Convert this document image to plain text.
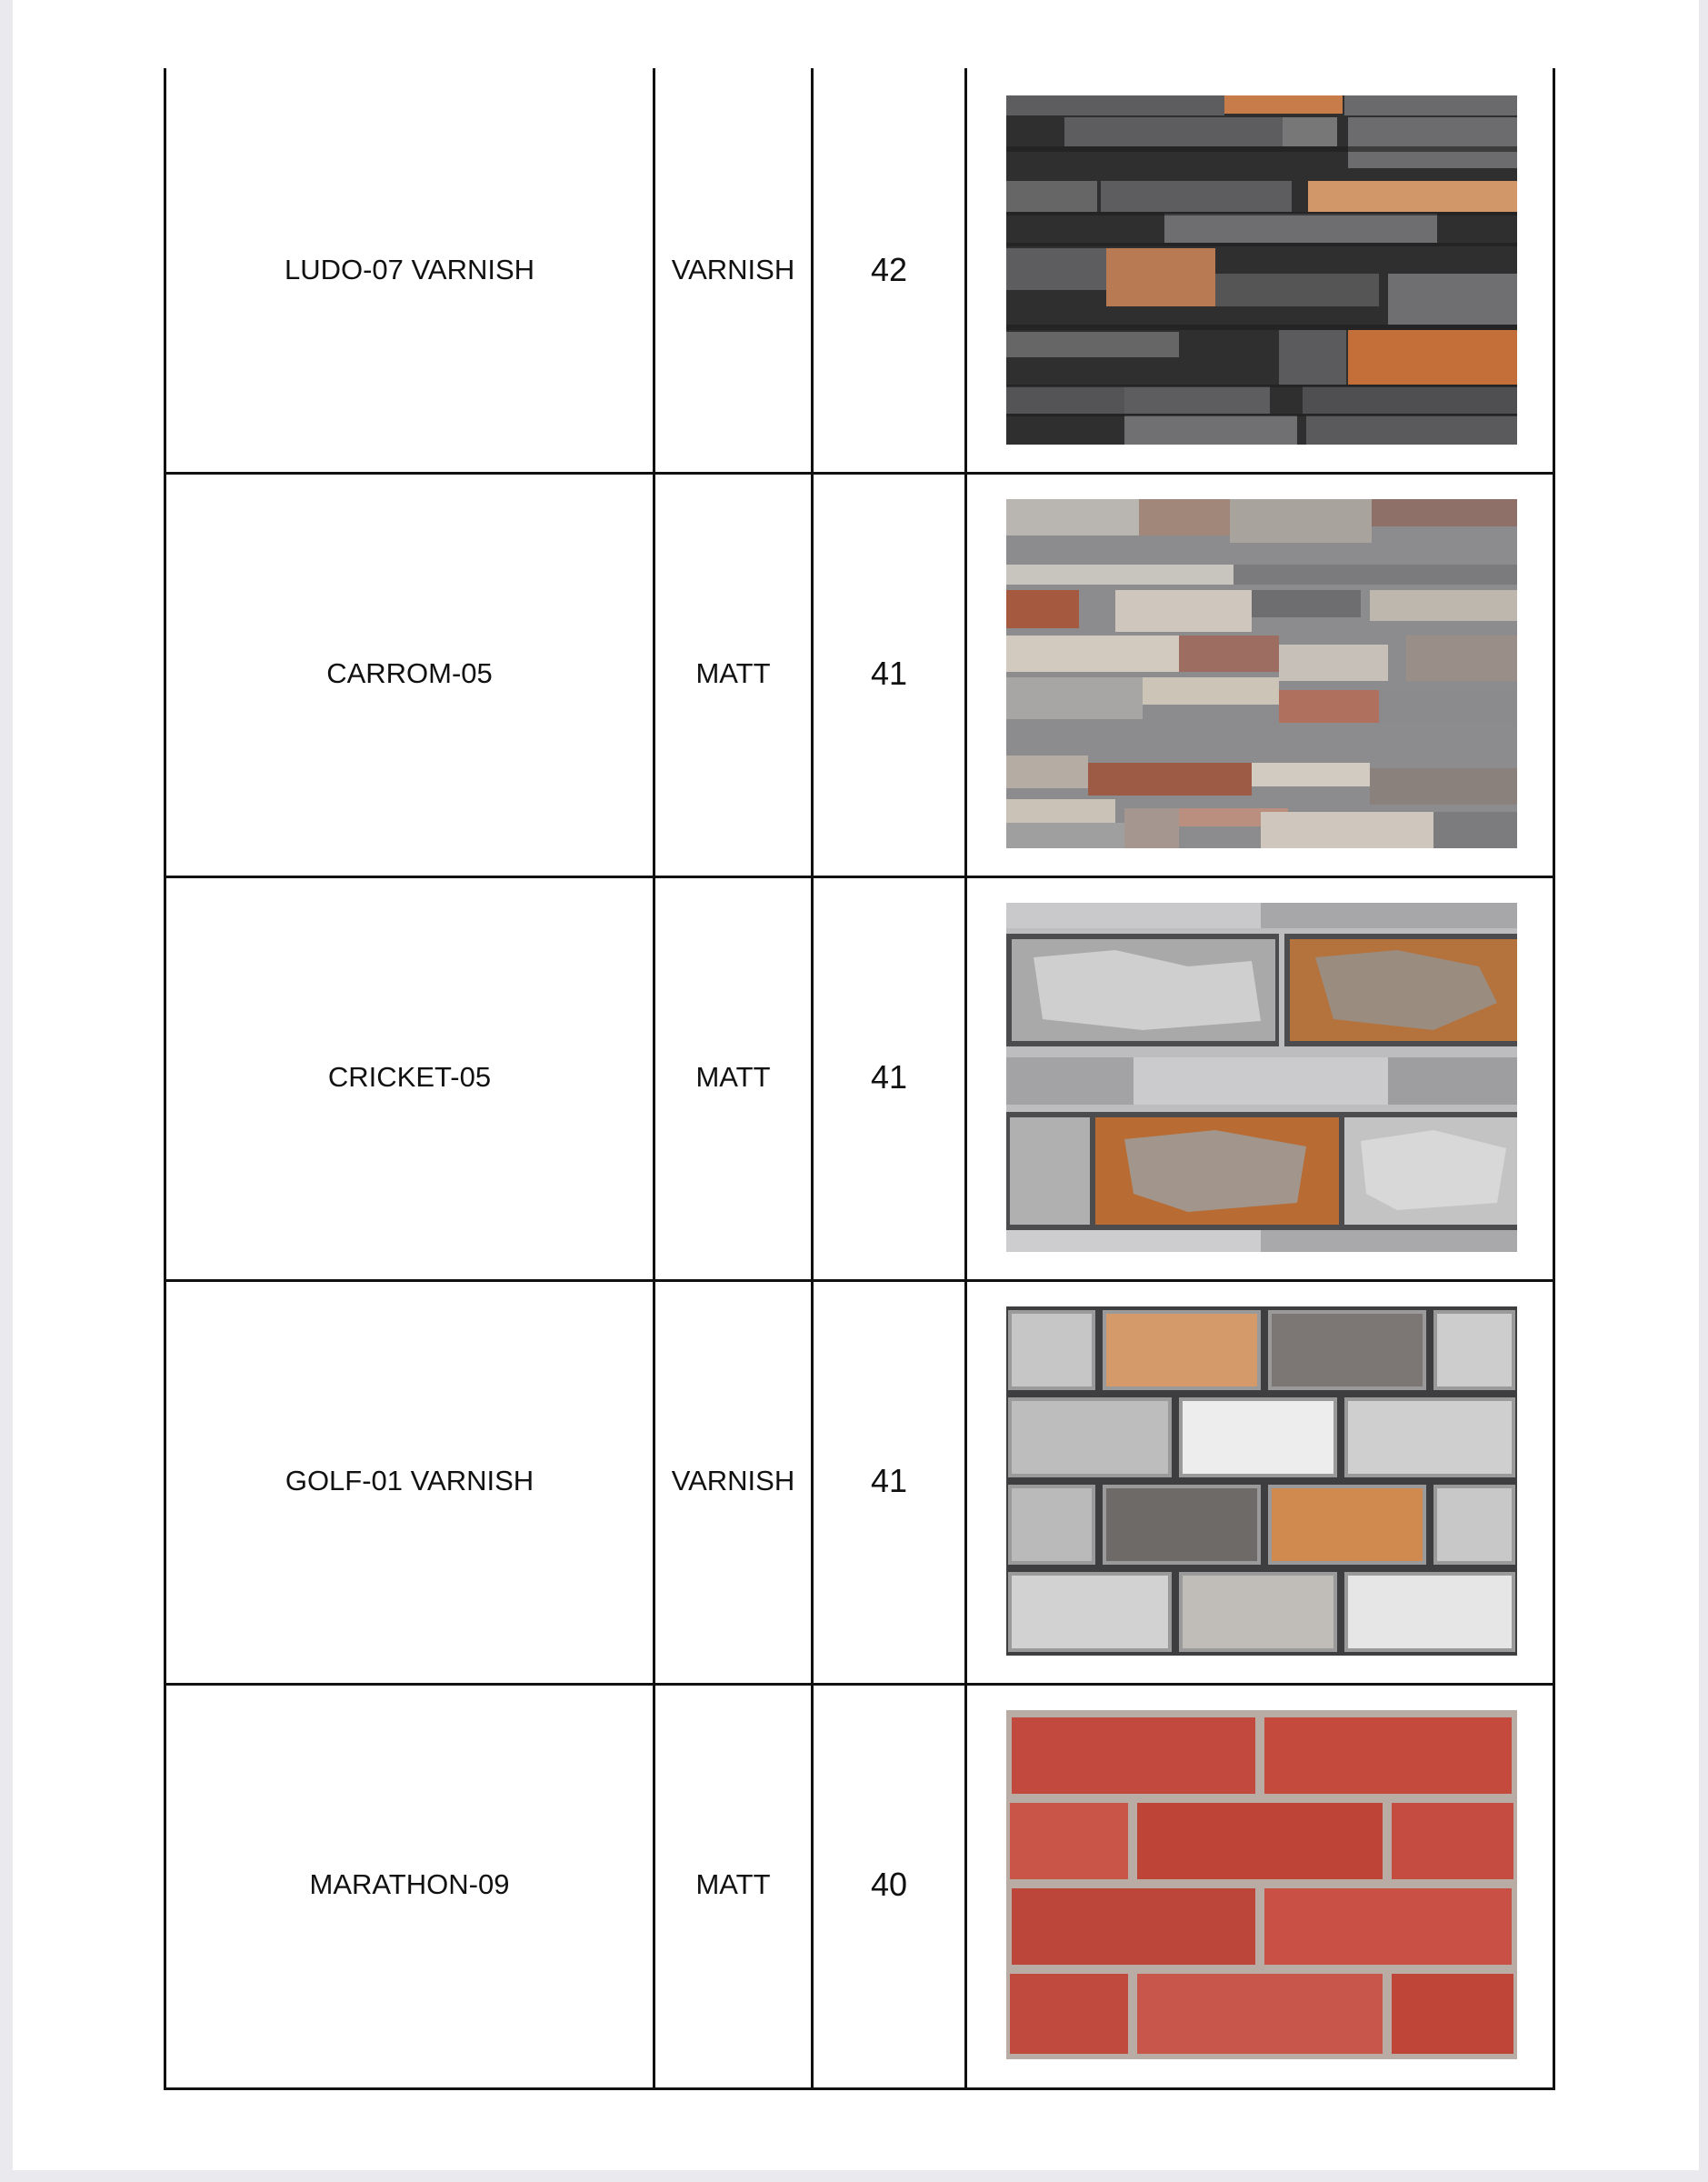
LUDO-07 VARNISH	VARNISH	42
CARROM-05	MATT	41
CRICKET-05	MATT	41
GOLF-01 VARNISH	VARNISH	41
MARATHON-09	MATT	40
